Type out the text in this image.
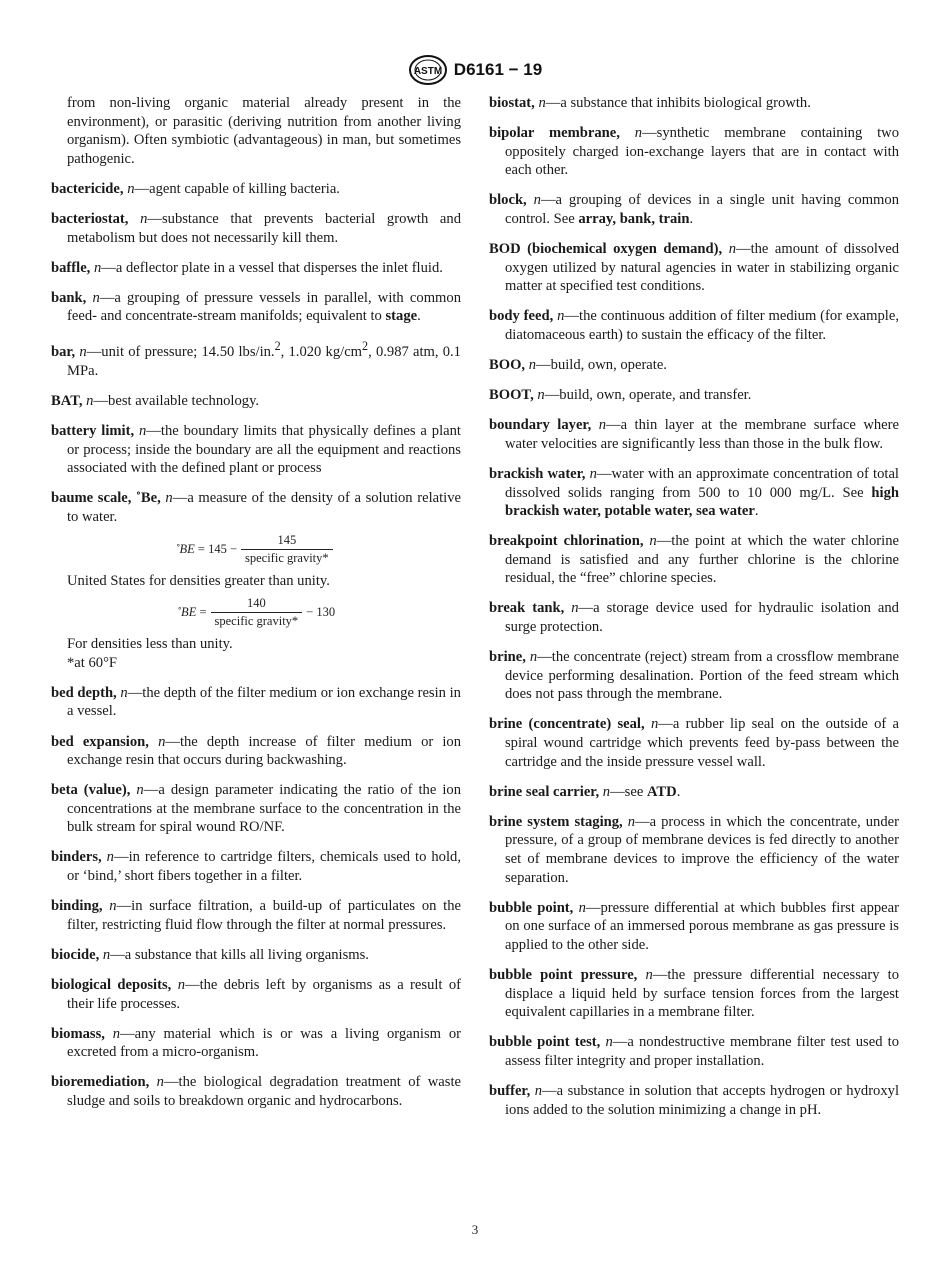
ASTM D6161 − 19

from non-living organic material already present in the environment), or parasitic (deriving nutrition from another living organism). Often symbiotic (advantageous) in man, but sometimes pathogenic.

bactericide, n—agent capable of killing bacteria.

bacteriostat, n—substance that prevents bacterial growth and metabolism but does not necessarily kill them.

baffle, n—a deflector plate in a vessel that disperses the inlet fluid.

bank, n—a grouping of pressure vessels in parallel, with common feed- and concentrate-stream manifolds; equivalent to stage.

bar, n—unit of pressure; 14.50 lbs/in.$^2$, 1.020 $kg/cm^2$, 0.987 atm, 0.1 MPa.

BAT, n—best available technology.

battery limit, n—the boundary limits that physically defines a plant or process; inside the boundary are all the equipment and reactions associated with the defined plant or process

baume scale, ˚Be, n—a measure of the density of a solution relative to water.

˚BE
= $145 - \frac{145}{\text{specific gravity*}}$

United States for densities greater than unity.

˚BE
= $\frac{140}{\text{specific gravity*}} - 130$

For densities less than unity.

*at 60°F

bed depth, n—the depth of the filter medium or ion exchange resin in a vessel.

bed expansion, n—the depth increase of filter medium or ion exchange resin that occurs during backwashing.

beta (value), n—a design parameter indicating the ratio of the ion concentrations at the membrane surface to the concentration in the bulk stream for spiral wound RO/NF.

binders, n—in reference to cartridge filters, chemicals used to hold, or ‘bind,’ short fibers together in a filter.

binding, n—in surface filtration, a build-up of particulates on the filter, restricting fluid flow through the filter at normal pressures.

biocide, n—a substance that kills all living organisms.

biological deposits, n—the debris left by organisms as a result of their life processes.

biomass, n—any material which is or was a living organism or excreted from a micro-organism.

bioremediation, n—the biological degradation treatment of waste sludge and soils to breakdown organic and hydrocarbons.

biostat, n—a substance that inhibits biological growth.

bipolar membrane, n—synthetic membrane containing two oppositely charged ion-exchange layers that are in contact with each other.

block, n—a grouping of devices in a single unit having common control. See array, bank, train.

BOD (biochemical oxygen demand), n—the amount of dissolved oxygen utilized by natural agencies in water in stabilizing organic matter at specified test conditions.

body feed, n—the continuous addition of filter medium (for example, diatomaceous earth) to sustain the efficacy of the filter.

BOO, n—build, own, operate.

BOOT, n—build, own, operate, and transfer.

boundary layer, n—a thin layer at the membrane surface where water velocities are significantly less than those in the bulk flow.

brackish water, n—water with an approximate concentration of total dissolved solids ranging from 500 to 10 000 mg/L. See high brackish water, potable water, sea water.

breakpoint chlorination, n—the point at which the water chlorine demand is satisfied and any further chlorine is the chlorine residual, the “free” chlorine species.

break tank, n—a storage device used for hydraulic isolation and surge protection.

brine, n—the concentrate (reject) stream from a crossflow membrane device performing desalination. Portion of the feed stream which does not pass through the membrane.

brine (concentrate) seal, n—a rubber lip seal on the outside of a spiral wound cartridge which prevents feed by-pass between the cartridge and the inside pressure vessel wall.

brine seal carrier, n—see ATD.

brine system staging, n—a process in which the concentrate, under pressure, of a group of membrane devices is fed directly to another set of membrane devices to improve the efficiency of the water separation.

bubble point, n—pressure differential at which bubbles first appear on one surface of an immersed porous membrane as gas pressure is applied to the other side.

bubble point pressure, n—the pressure differential necessary to displace a liquid held by surface tension forces from the largest equivalent capillaries in a membrane filter.

bubble point test, n—a nondestructive membrane filter test used to assess filter integrity and proper installation.

buffer, n—a substance in solution that accepts hydrogen or hydroxyl ions added to the solution minimizing a change in pH.

3
